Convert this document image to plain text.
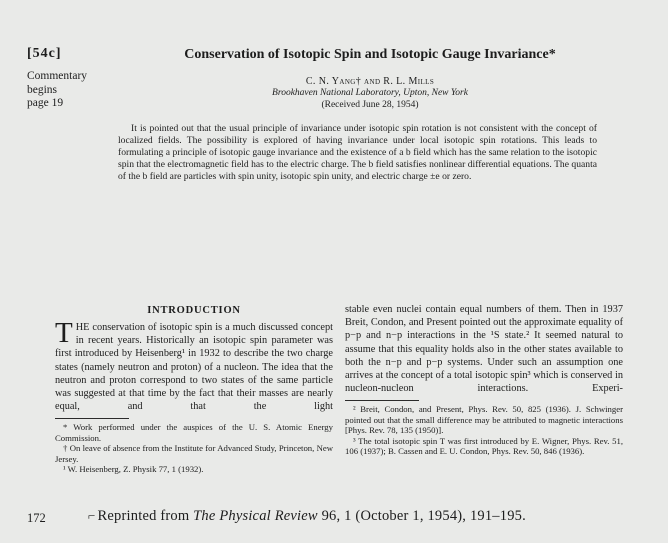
[54c]
Commentary
begins
page 19
Conservation of Isotopic Spin and Isotopic Gauge Invariance*
C. N. Yang† and R. L. Mills
Brookhaven National Laboratory, Upton, New York
(Received June 28, 1954)
It is pointed out that the usual principle of invariance under isotopic spin rotation is not consistent with the concept of localized fields. The possibility is explored of having invariance under local isotopic spin rotations. This leads to formulating a principle of isotopic gauge invariance and the existence of a b field which has the same relation to the isotopic spin that the electromagnetic field has to the electric charge. The b field satisfies nonlinear differential equations. The quanta of the b field are particles with spin unity, isotopic spin unity, and electric charge ±e or zero.
INTRODUCTION

THE conservation of isotopic spin is a much discussed concept in recent years. Historically an isotopic spin parameter was first introduced by Heisenberg¹ in 1932 to describe the two charge states (namely neutron and proton) of a nucleon. The idea that the neutron and proton correspond to two states of the same particle was suggested at that time by the fact that their masses are nearly equal, and that the light

* Work performed under the auspices of the U. S. Atomic Energy Commission.

† On leave of absence from the Institute for Advanced Study, Princeton, New Jersey.

¹ W. Heisenberg, Z. Physik 77, 1 (1932).

stable even nuclei contain equal numbers of them. Then in 1937 Breit, Condon, and Present pointed out the approximate equality of p−p and n−p interactions in the ¹S state.² It seemed natural to assume that this equality holds also in the other states available to both the n−p and p−p systems. Under such an assumption one arrives at the concept of a total isotopic spin³ which is conserved in nucleon-nucleon interactions. Experi-

² Breit, Condon, and Present, Phys. Rev. 50, 825 (1936). J. Schwinger pointed out that the small difference may be attributed to magnetic interactions [Phys. Rev. 78, 135 (1950)].

³ The total isotopic spin T was first introduced by E. Wigner, Phys. Rev. 51, 106 (1937); B. Cassen and E. U. Condon, Phys. Rev. 50, 846 (1936).

172	⌐ Reprinted from The Physical Review 96, 1 (October 1, 1954), 191–195.
